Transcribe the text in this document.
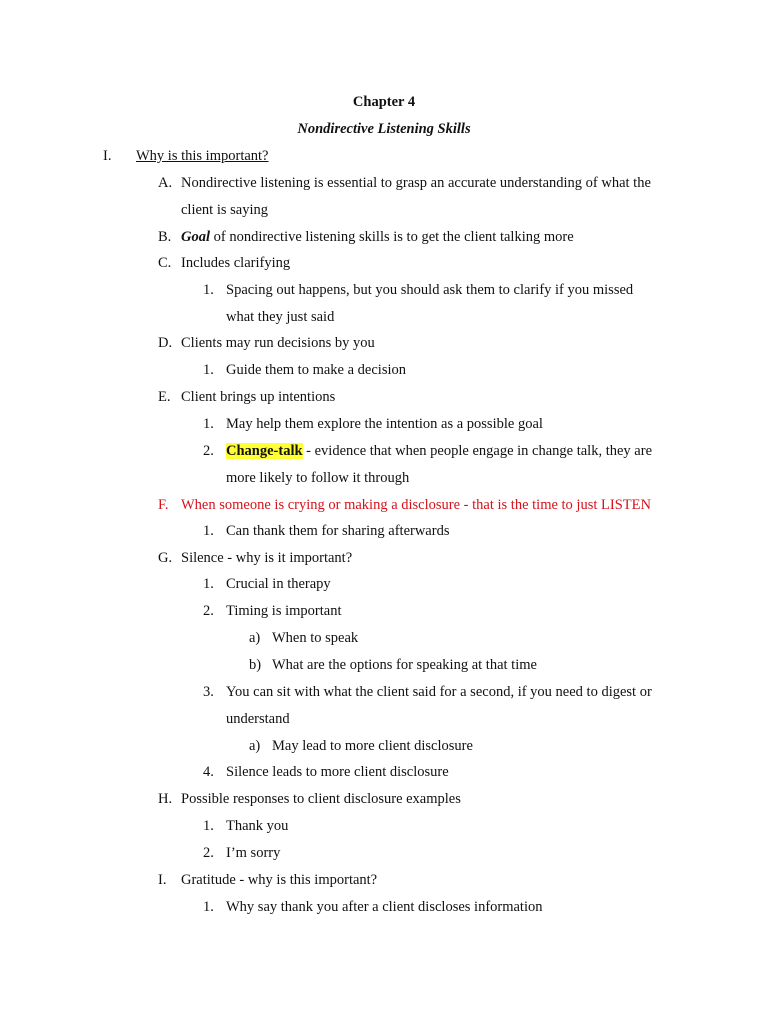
Chapter 4
Nondirective Listening Skills
I. Why is this important?
A. Nondirective listening is essential to grasp an accurate understanding of what the
client is saying
B. Goal of nondirective listening skills is to get the client talking more
C. Includes clarifying
1. Spacing out happens, but you should ask them to clarify if you missed
what they just said
D. Clients may run decisions by you
1. Guide them to make a decision
E. Client brings up intentions
1. May help them explore the intention as a possible goal
2. Change-talk - evidence that when people engage in change talk, they are
more likely to follow it through
F. When someone is crying or making a disclosure - that is the time to just LISTEN
1. Can thank them for sharing afterwards
G. Silence - why is it important?
1. Crucial in therapy
2. Timing is important
a) When to speak
b) What are the options for speaking at that time
3. You can sit with what the client said for a second, if you need to digest or
understand
a) May lead to more client disclosure
4. Silence leads to more client disclosure
H. Possible responses to client disclosure examples
1. Thank you
2. I’m sorry
I. Gratitude - why is this important?
1. Why say thank you after a client discloses information
